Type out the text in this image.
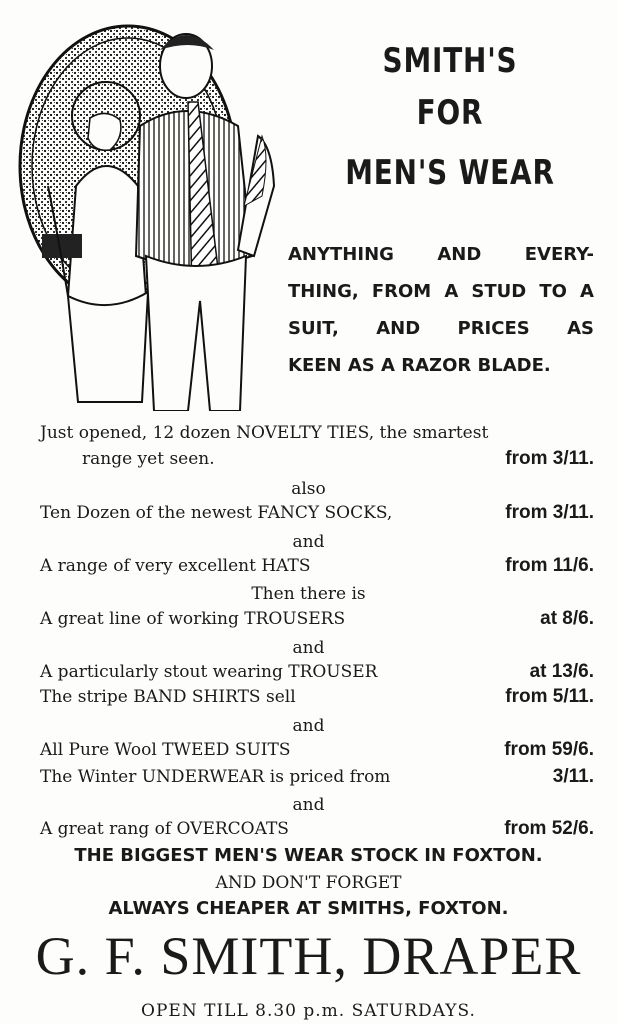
SMITH'S
FOR
MEN'S WEAR
ANYTHING AND EVERY-
THING, FROM A STUD TO A
SUIT, AND PRICES AS
KEEN AS A RAZOR BLADE.
Just opened, 12 dozen NOVELTY TIES, the smartest
range yet seen.	from 3/11.
also
Ten Dozen of the newest FANCY SOCKS,	from 3/11.
and
A range of very excellent HATS	from 11/6.
Then there is
A great line of working TROUSERS	at 8/6.
and
A particularly stout wearing TROUSER	at 13/6.
The stripe BAND SHIRTS sell	from 5/11.
and
All Pure Wool TWEED SUITS	from 59/6.
The Winter UNDERWEAR is priced from	3/11.
and
A great rang of OVERCOATS	from 52/6.
THE BIGGEST MEN'S WEAR STOCK IN FOXTON.
AND DON'T FORGET
ALWAYS CHEAPER AT SMITHS, FOXTON.
G. F. SMITH, DRAPER
OPEN TILL 8.30 p.m. SATURDAYS.
